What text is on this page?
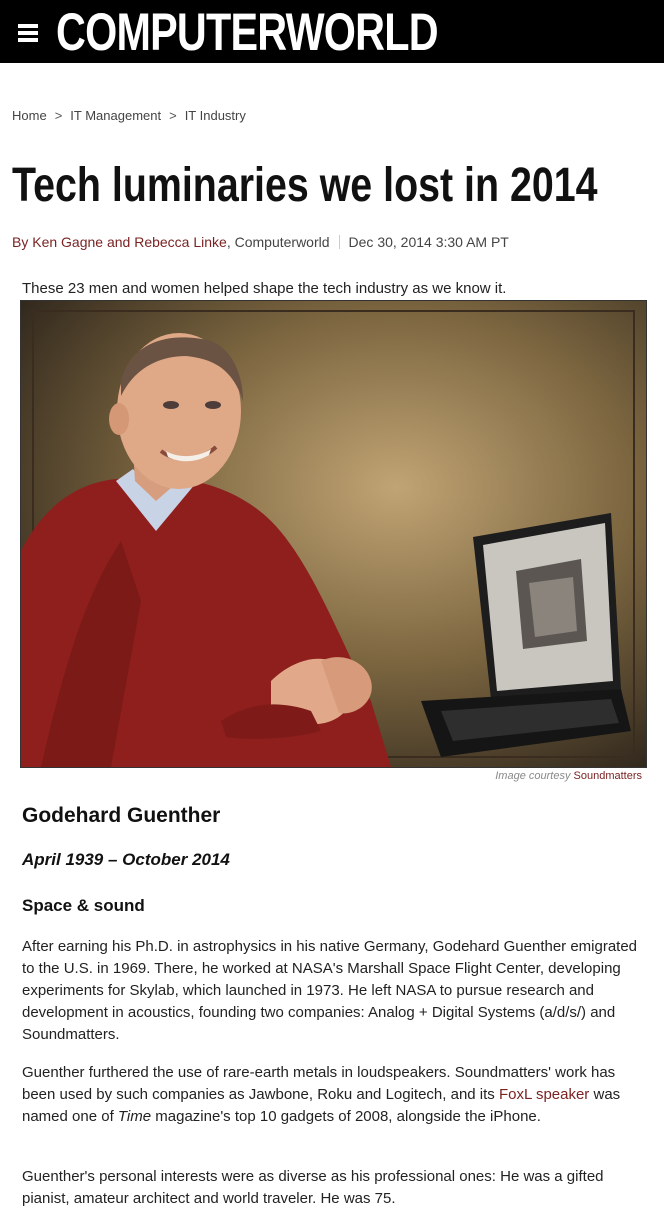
COMPUTERWORLD
Home > IT Management > IT Industry
Tech luminaries we lost in 2014
By Ken Gagne and Rebecca Linke, Computerworld Dec 30, 2014 3:30 AM PT
These 23 men and women helped shape the tech industry as we know it.
Image courtesy Soundmatters
Godehard Guenther
April 1939 – October 2014
Space & sound

After earning his Ph.D. in astrophysics in his native Germany, Godehard Guenther emigrated to the U.S. in 1969. There, he worked at NASA's Marshall Space Flight Center, developing experiments for Skylab, which launched in 1973. He left NASA to pursue research and development in acoustics, founding two companies: Analog + Digital Systems (a/d/s/) and Soundmatters.

Guenther furthered the use of rare-earth metals in loudspeakers. Soundmatters' work has been used by such companies as Jawbone, Roku and Logitech, and its FoxL speaker was named one of Time magazine's top 10 gadgets of 2008, alongside the iPhone.

Guenther's personal interests were as diverse as his professional ones: He was a gifted pianist, amateur architect and world traveler. He was 75.
